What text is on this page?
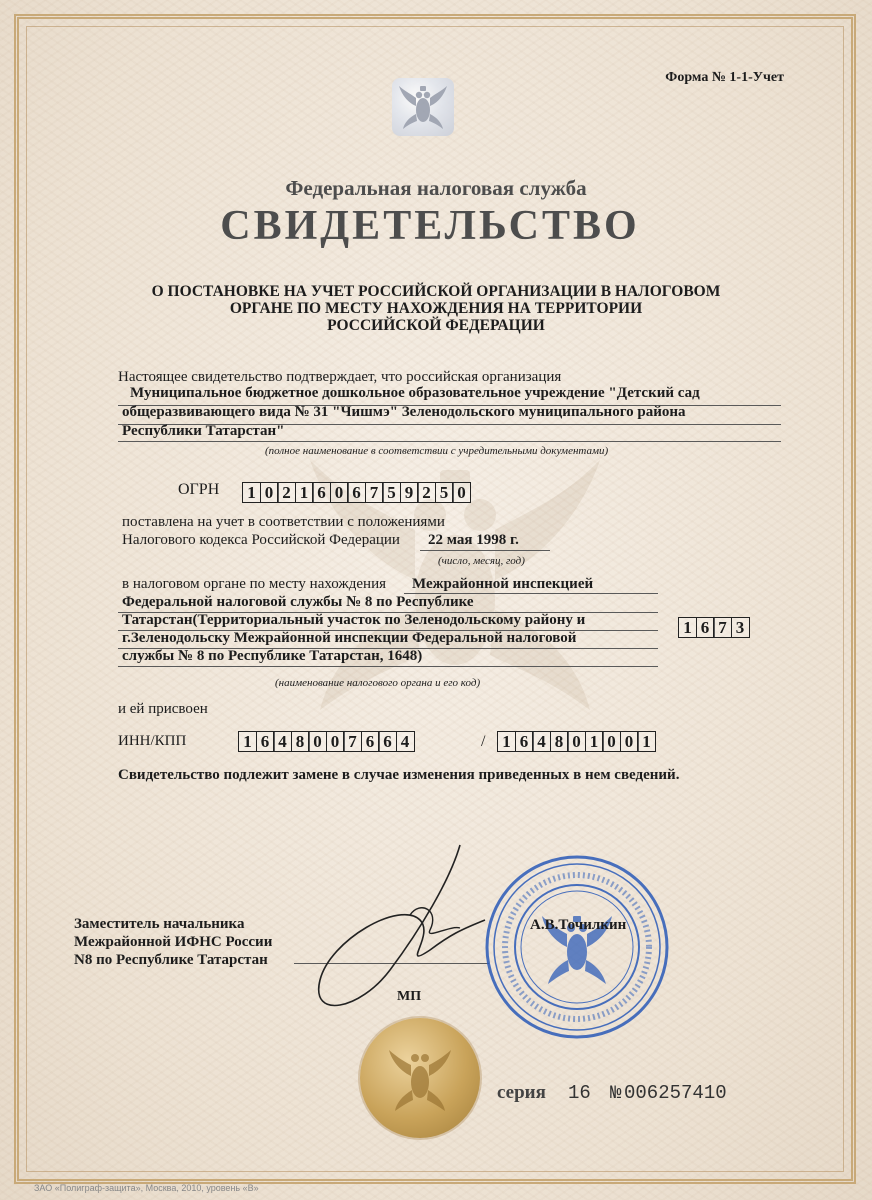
Форма № 1-1-Учет
Федеральная налоговая служба
СВИДЕТЕЛЬСТВО
О ПОСТАНОВКЕ НА УЧЕТ РОССИЙСКОЙ ОРГАНИЗАЦИИ В НАЛОГОВОМ
ОРГАНЕ ПО МЕСТУ НАХОЖДЕНИЯ НА ТЕРРИТОРИИ
РОССИЙСКОЙ ФЕДЕРАЦИИ
Настоящее свидетельство подтверждает, что российская организация
Муниципальное бюджетное дошкольное образовательное учреждение "Детский сад
общеразвивающего вида № 31 "Чишмэ" Зеленодольского муниципального района
Республики Татарстан"
(полное наименование в соответствии с учредительными документами)
ОГРН	1 0 2 1 6 0 6 7 5 9 2 5 0
поставлена на учет в соответствии с положениями
Налогового кодекса Российской Федерации 22 мая 1998 г.
(число, месяц, год)
в налоговом органе по месту нахождения Межрайонной инспекцией
Федеральной налоговой службы № 8 по Республике
Татарстан(Территориальный участок по Зеленодольскому району и
г.Зеленодольску Межрайонной инспекции Федеральной налоговой
службы № 8 по Республике Татарстан, 1648)
1 6 7 3
(наименование налогового органа и его код)
и ей присвоен
ИНН/КПП	1 6 4 8 0 0 7 6 6 4	/ 1 6 4 8 0 1 0 0 1
Свидетельство подлежит замене в случае изменения приведенных в нем сведений.
Заместитель начальника
Межрайонной ИФНС России
N8 по Республике Татарстан
А.В.Точилкин
МП
серия 16 № 006257410
ЗАО «Полиграф-защита», Москва, 2010, уровень «В»
